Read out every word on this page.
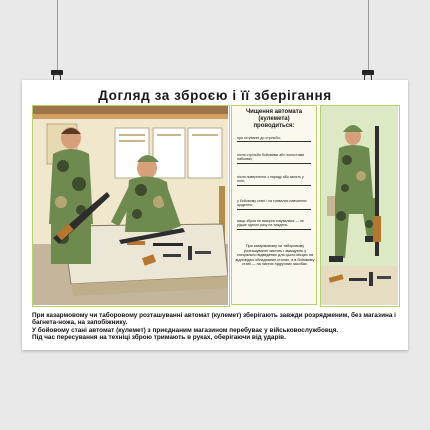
Догляд за зброєю і її зберігання
Чищення автомата
(кулемета)
проводиться:
при готуванні до стрільби;
після стрільби бойовими або холостими набоями;
після повернення з наряду або занять у полі;
у бойовому стані і на тривалих навчаннях щоденно;
якщо зброя не використовувалася — не рідше одного разу на тиждень.
При казармовому чи таборовому розташуванні чистять і змащують у спеціально відведених для цього місцях на відповідно обладнаних столах, а в бойовому стані — на чистих підручних засобах.

При казармовому чи таборовому розташуванні автомат (кулемет) зберігають завжди розрядженим, без магазина і багнета-ножа, на запобіжнику.

У бойовому стані автомат (кулемет) з приєднаним магазином перебуває у військовослужбовця.

Під час пересування на техніці зброю тримають в руках, оберігаючи від ударів.
